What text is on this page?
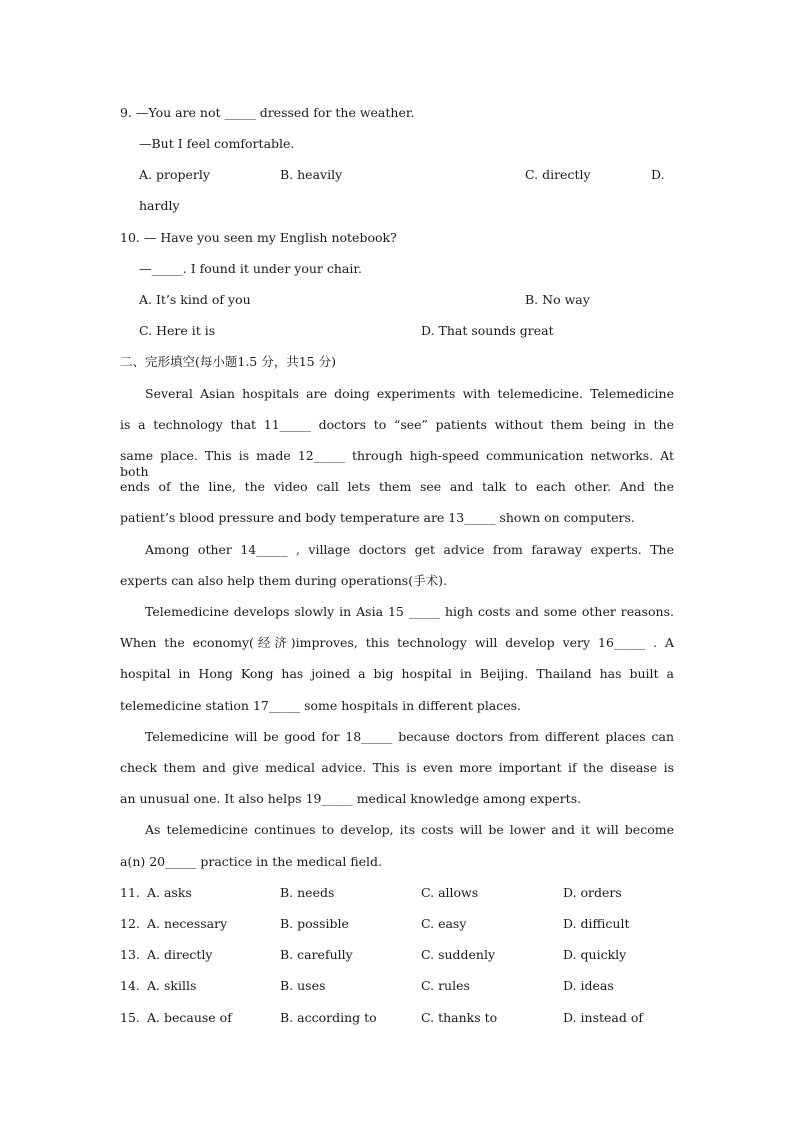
9. —You are not _____ dressed for the weather.
—But I feel comfortable.
A. properly	B. heavily	C. directly	D.
hardly
10. — Have you seen my English notebook?
—_____. I found it under your chair.
A. It’s kind of you	B. No way
C. Here it is	D. That sounds great
二、完形填空(每小题1.5 分，共15 分)
Several Asian hospitals are doing experiments with telemedicine. Telemedicine
is a technology that 11_____ doctors to “see” patients without them being in the
same place. This is made 12_____ through high-speed communication networks. At both
ends of the line, the video call lets them see and talk to each other. And the
patient’s blood pressure and body temperature are 13_____ shown on computers.
Among other 14_____ , village doctors get advice from faraway experts. The
experts can also help them during operations(手术).
Telemedicine develops slowly in Asia 15 _____ high costs and some other reasons.
When the economy(经济)improves, this technology will develop very 16_____ . A
hospital in Hong Kong has joined a big hospital in Beijing. Thailand has built a
telemedicine station 17_____ some hospitals in different places.
Telemedicine will be good for 18_____ because doctors from different places can
check them and give medical advice. This is even more important if the disease is
an unusual one. It also helps 19_____ medical knowledge among experts.
As telemedicine continues to develop, its costs will be lower and it will become
a(n) 20_____ practice in the medical field.
11. A. asks	B. needs	C. allows	D. orders
12. A. necessary	B. possible	C. easy	D. difficult
13. A. directly	B. carefully	C. suddenly	D. quickly
14. A. skills	B. uses	C. rules	D. ideas
15. A. because of	B. according to	C. thanks to	D. instead of
